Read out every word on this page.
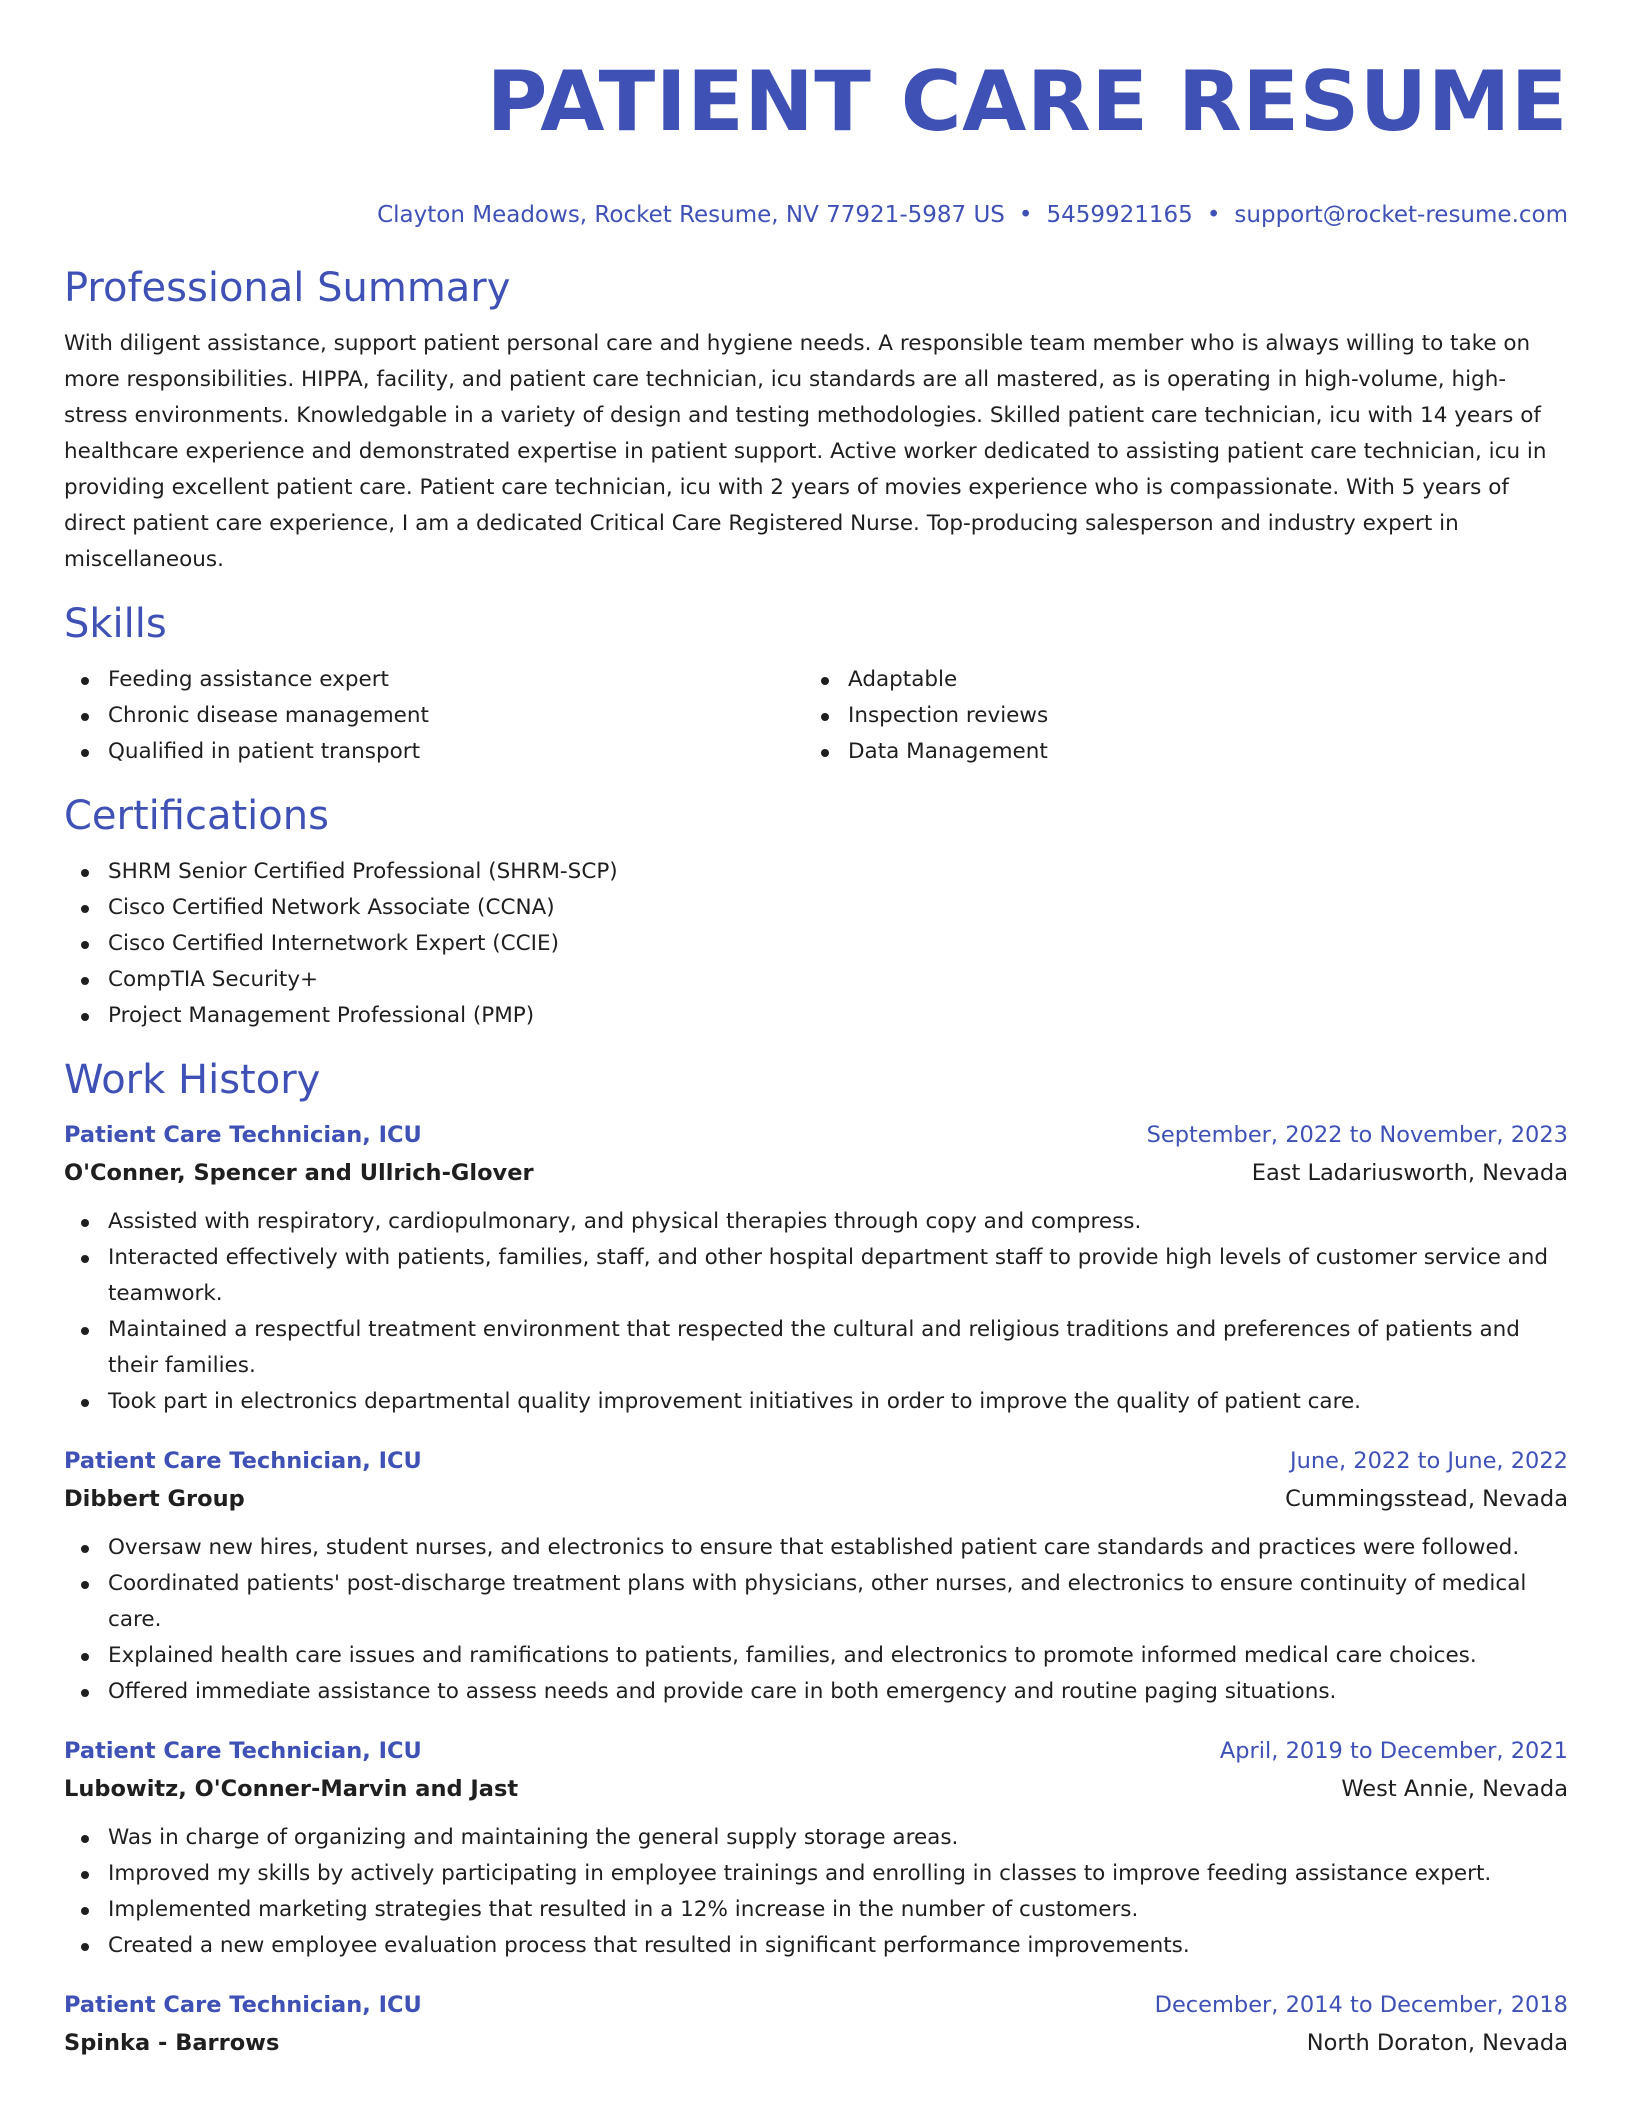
PATIENT CARE RESUME
Clayton Meadows, Rocket Resume, NV 77921-5987 US • 5459921165 • support@rocket-resume.com
Professional Summary

With diligent assistance, support patient personal care and hygiene needs. A responsible team member who is always willing to take on more responsibilities. HIPPA, facility, and patient care technician, icu standards are all mastered, as is operating in high-volume, high-stress environments. Knowledgable in a variety of design and testing methodologies. Skilled patient care technician, icu with 14 years of healthcare experience and demonstrated expertise in patient support. Active worker dedicated to assisting patient care technician, icu in providing excellent patient care. Patient care technician, icu with 2 years of movies experience who is compassionate. With 5 years of direct patient care experience, I am a dedicated Critical Care Registered Nurse. Top-producing salesperson and industry expert in miscellaneous.

Skills
Feeding assistance expert
Chronic disease management
Qualified in patient transport
Adaptable
Inspection reviews
Data Management
Certifications
SHRM Senior Certified Professional (SHRM-SCP)
Cisco Certified Network Associate (CCNA)
Cisco Certified Internetwork Expert (CCIE)
CompTIA Security+
Project Management Professional (PMP)
Work History
Patient Care Technician, ICU	September, 2022 to November, 2023
O'Conner, Spencer and Ullrich-Glover	East Ladariusworth, Nevada
Assisted with respiratory, cardiopulmonary, and physical therapies through copy and compress.
Interacted effectively with patients, families, staff, and other hospital department staff to provide high levels of customer service and teamwork.
Maintained a respectful treatment environment that respected the cultural and religious traditions and preferences of patients and their families.
Took part in electronics departmental quality improvement initiatives in order to improve the quality of patient care.
Patient Care Technician, ICU	June, 2022 to June, 2022
Dibbert Group	Cummingsstead, Nevada
Oversaw new hires, student nurses, and electronics to ensure that established patient care standards and practices were followed.
Coordinated patients' post-discharge treatment plans with physicians, other nurses, and electronics to ensure continuity of medical care.
Explained health care issues and ramifications to patients, families, and electronics to promote informed medical care choices.
Offered immediate assistance to assess needs and provide care in both emergency and routine paging situations.
Patient Care Technician, ICU	April, 2019 to December, 2021
Lubowitz, O'Conner-Marvin and Jast	West Annie, Nevada
Was in charge of organizing and maintaining the general supply storage areas.
Improved my skills by actively participating in employee trainings and enrolling in classes to improve feeding assistance expert.
Implemented marketing strategies that resulted in a 12% increase in the number of customers.
Created a new employee evaluation process that resulted in significant performance improvements.
Patient Care Technician, ICU	December, 2014 to December, 2018
Spinka - Barrows	North Doraton, Nevada
